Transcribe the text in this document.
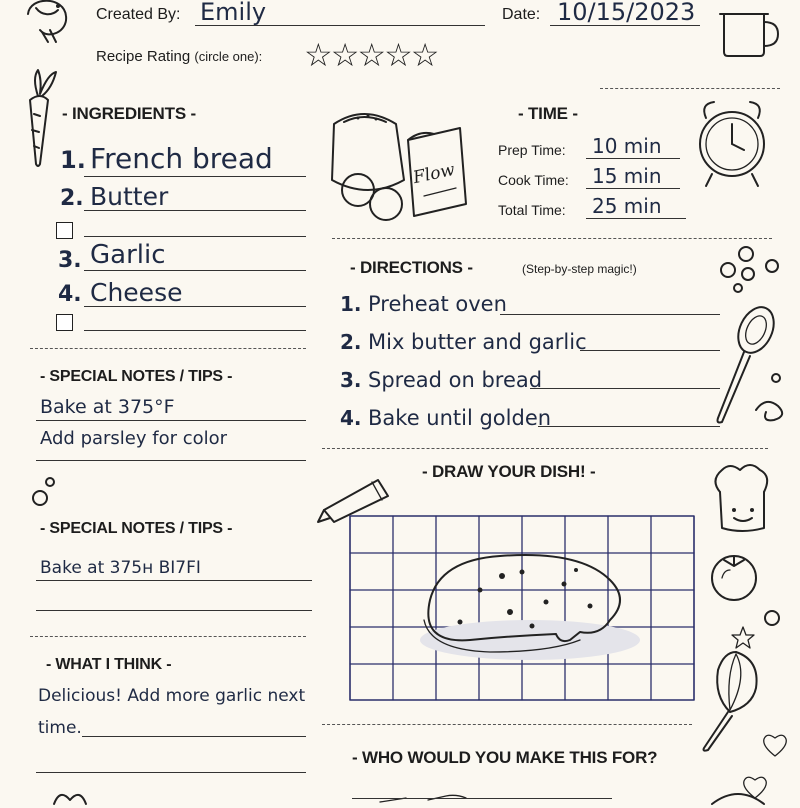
Created By: Emily	Date: 10/15/2023
Recipe Rating (circle one): ☆☆☆☆☆
- INGREDIENTS -
1. French bread
2. Butter
3. Garlic
4. Cheese
Flow
- TIME -
Prep Time: 10 min
Cook Time: 15 min
Total Time: 25 min
- DIRECTIONS -	(Step-by-step magic!)
1. Preheat oven
2. Mix butter and garlic
3. Spread on bread
4. Bake until golden
- SPECIAL NOTES / TIPS -
Bake at 375°F
Add parsley for color
- SPECIAL NOTES / TIPS -
Bake at 375н ВI7FI
- WHAT I THINK -
Delicious! Add more garlic next
time.
- DRAW YOUR DISH! -
- WHO WOULD YOU MAKE THIS FOR?
